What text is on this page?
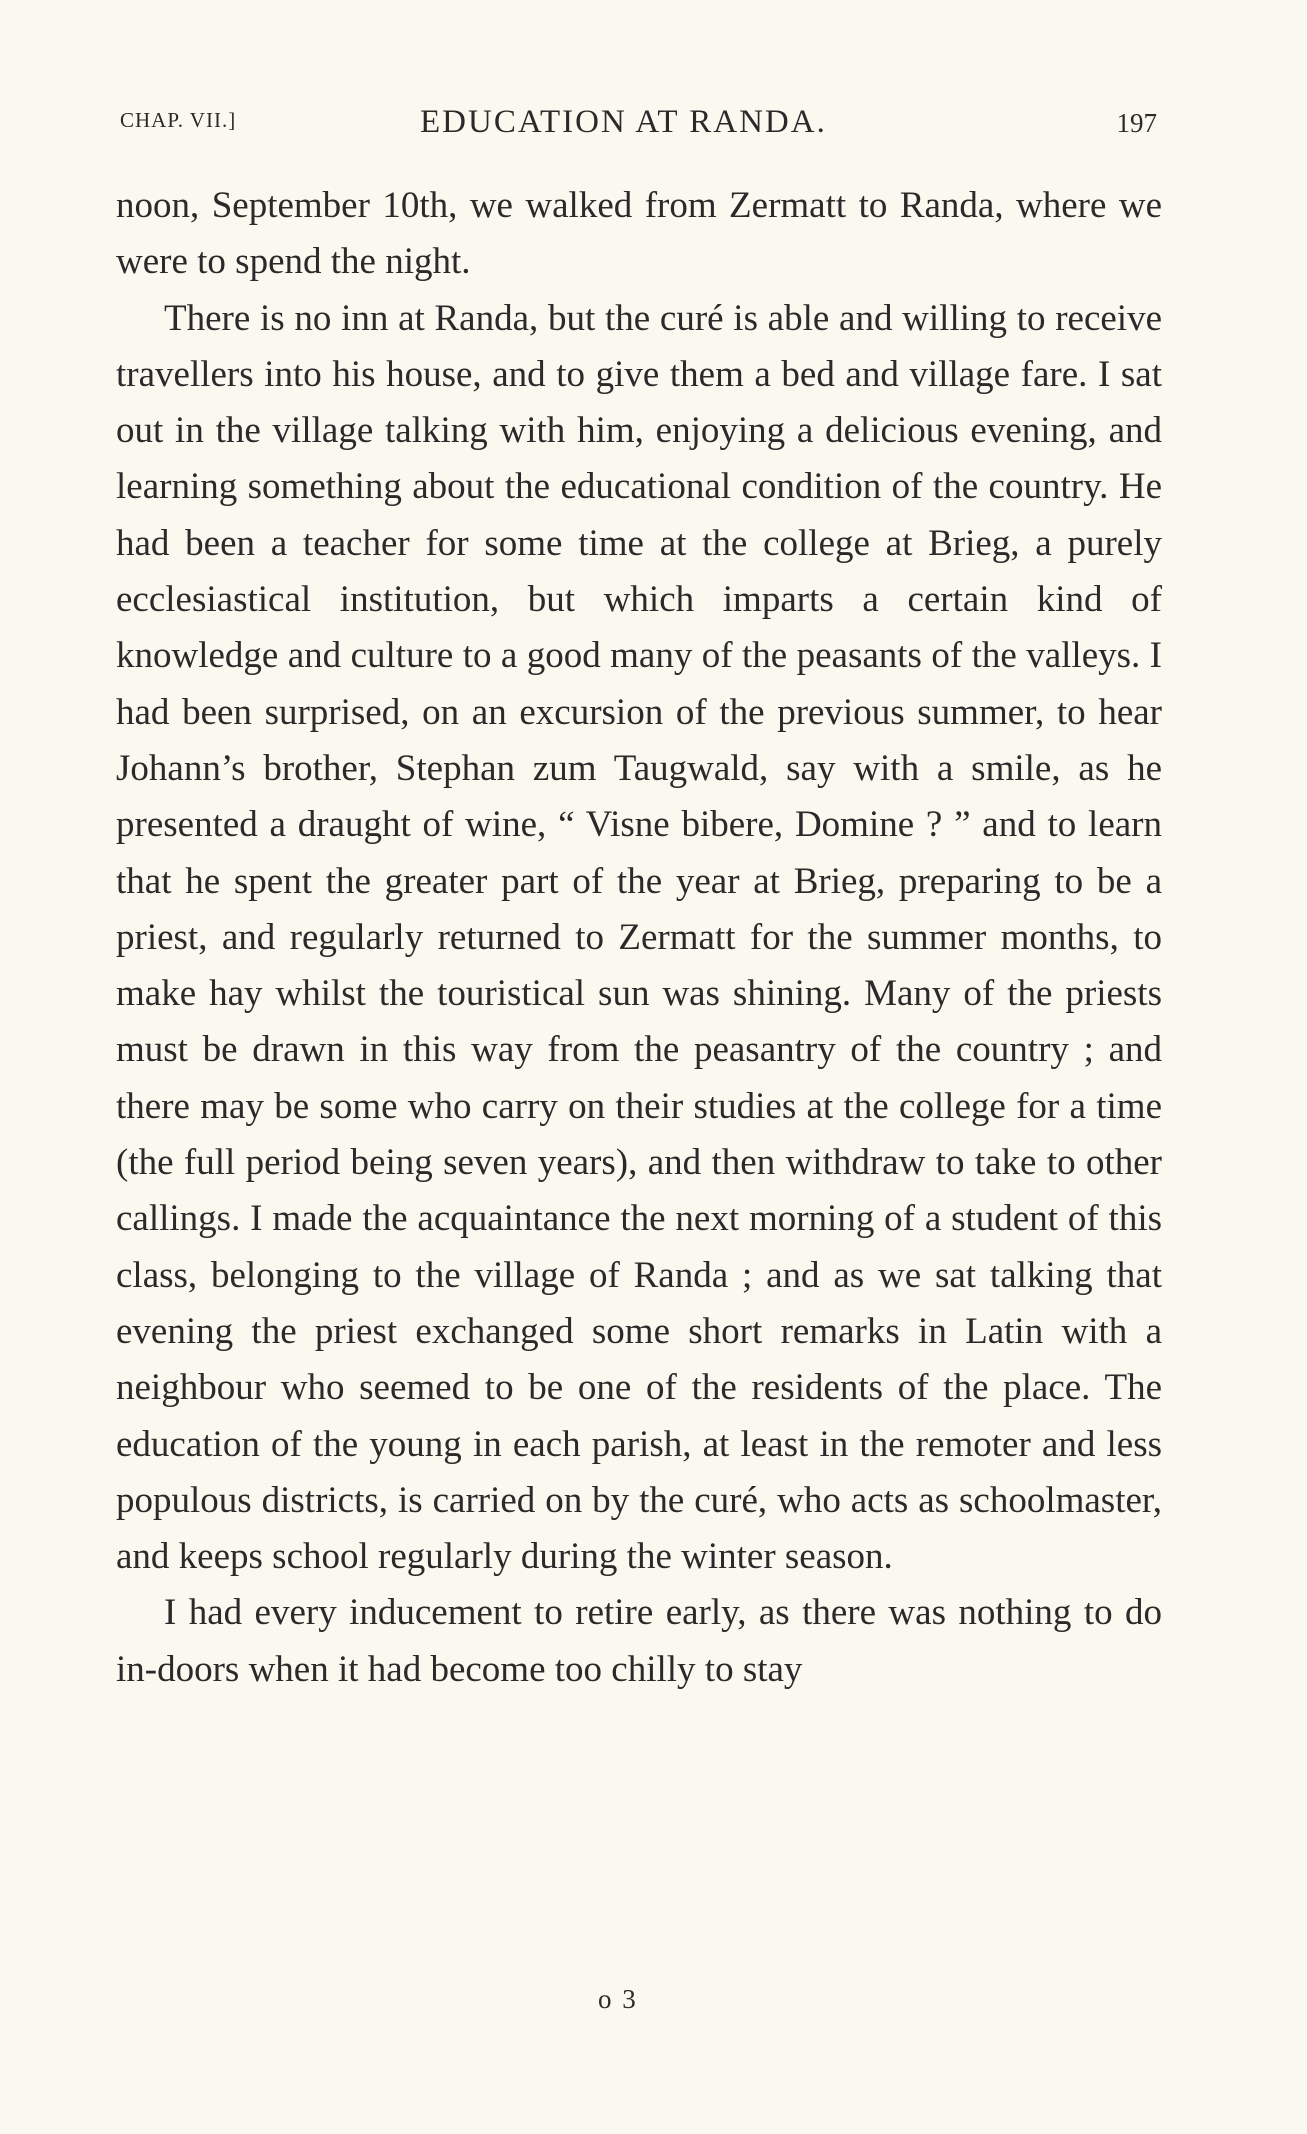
CHAP. VII.]	EDUCATION AT RANDA.	197

noon, September 10th, we walked from Zermatt to Randa, where we were to spend the night.

There is no inn at Randa, but the curé is able and willing to receive travellers into his house, and to give them a bed and village fare. I sat out in the village talking with him, enjoying a delicious evening, and learning something about the educational condition of the country. He had been a teacher for some time at the college at Brieg, a purely ecclesiastical institution, but which imparts a certain kind of knowledge and culture to a good many of the peasants of the valleys. I had been surprised, on an excursion of the previous summer, to hear Johann’s brother, Stephan zum Taugwald, say with a smile, as he presented a draught of wine, “ Visne bibere, Domine ? ” and to learn that he spent the greater part of the year at Brieg, preparing to be a priest, and regularly returned to Zermatt for the summer months, to make hay whilst the touristical sun was shining. Many of the priests must be drawn in this way from the peasantry of the country ; and there may be some who carry on their studies at the college for a time (the full period being seven years), and then withdraw to take to other callings. I made the acquaintance the next morning of a student of this class, belonging to the village of Randa ; and as we sat talking that evening the priest exchanged some short remarks in Latin with a neighbour who seemed to be one of the residents of the place. The education of the young in each parish, at least in the remoter and less populous districts, is carried on by the curé, who acts as schoolmaster, and keeps school regularly during the winter season.

I had every inducement to retire early, as there was nothing to do in-doors when it had become too chilly to stay

o 3
